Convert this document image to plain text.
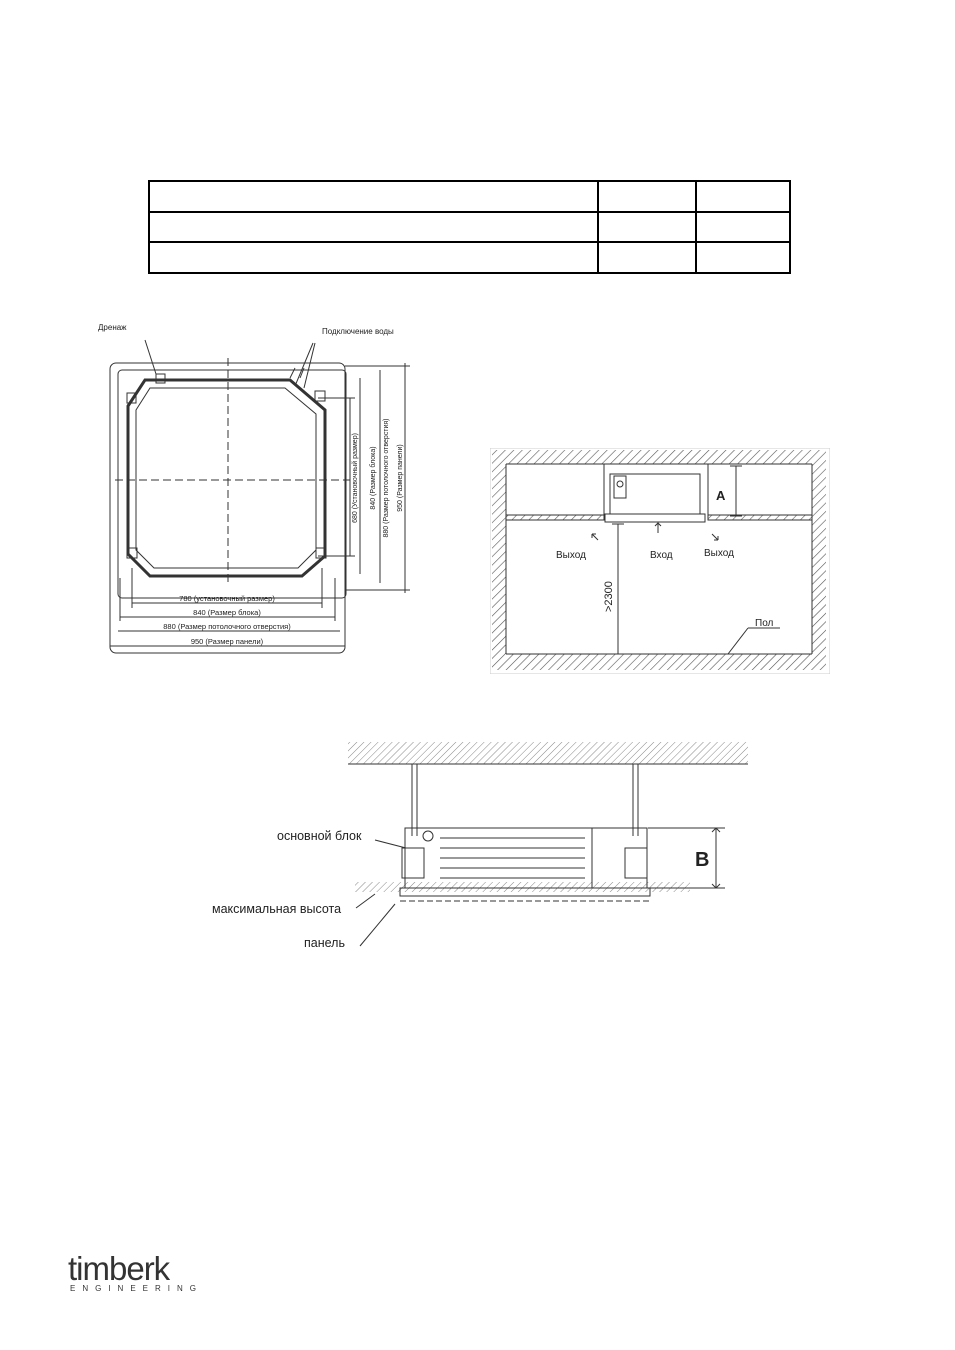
Дренаж	Подключение воды
780 (установочный размер)
840 (Размер блока)
880 (Размер потолочного отверстия)
950 (Размер панели)
680 (Установочный размер) 840 (Размер блока) 880 (Размер потолочного отверстия) 950 (Размер панели)	A
Выход	Вход	Выход
>2300
Пол
основной блок
максимальная высота
панель
B
timberk
ENGINEERING
